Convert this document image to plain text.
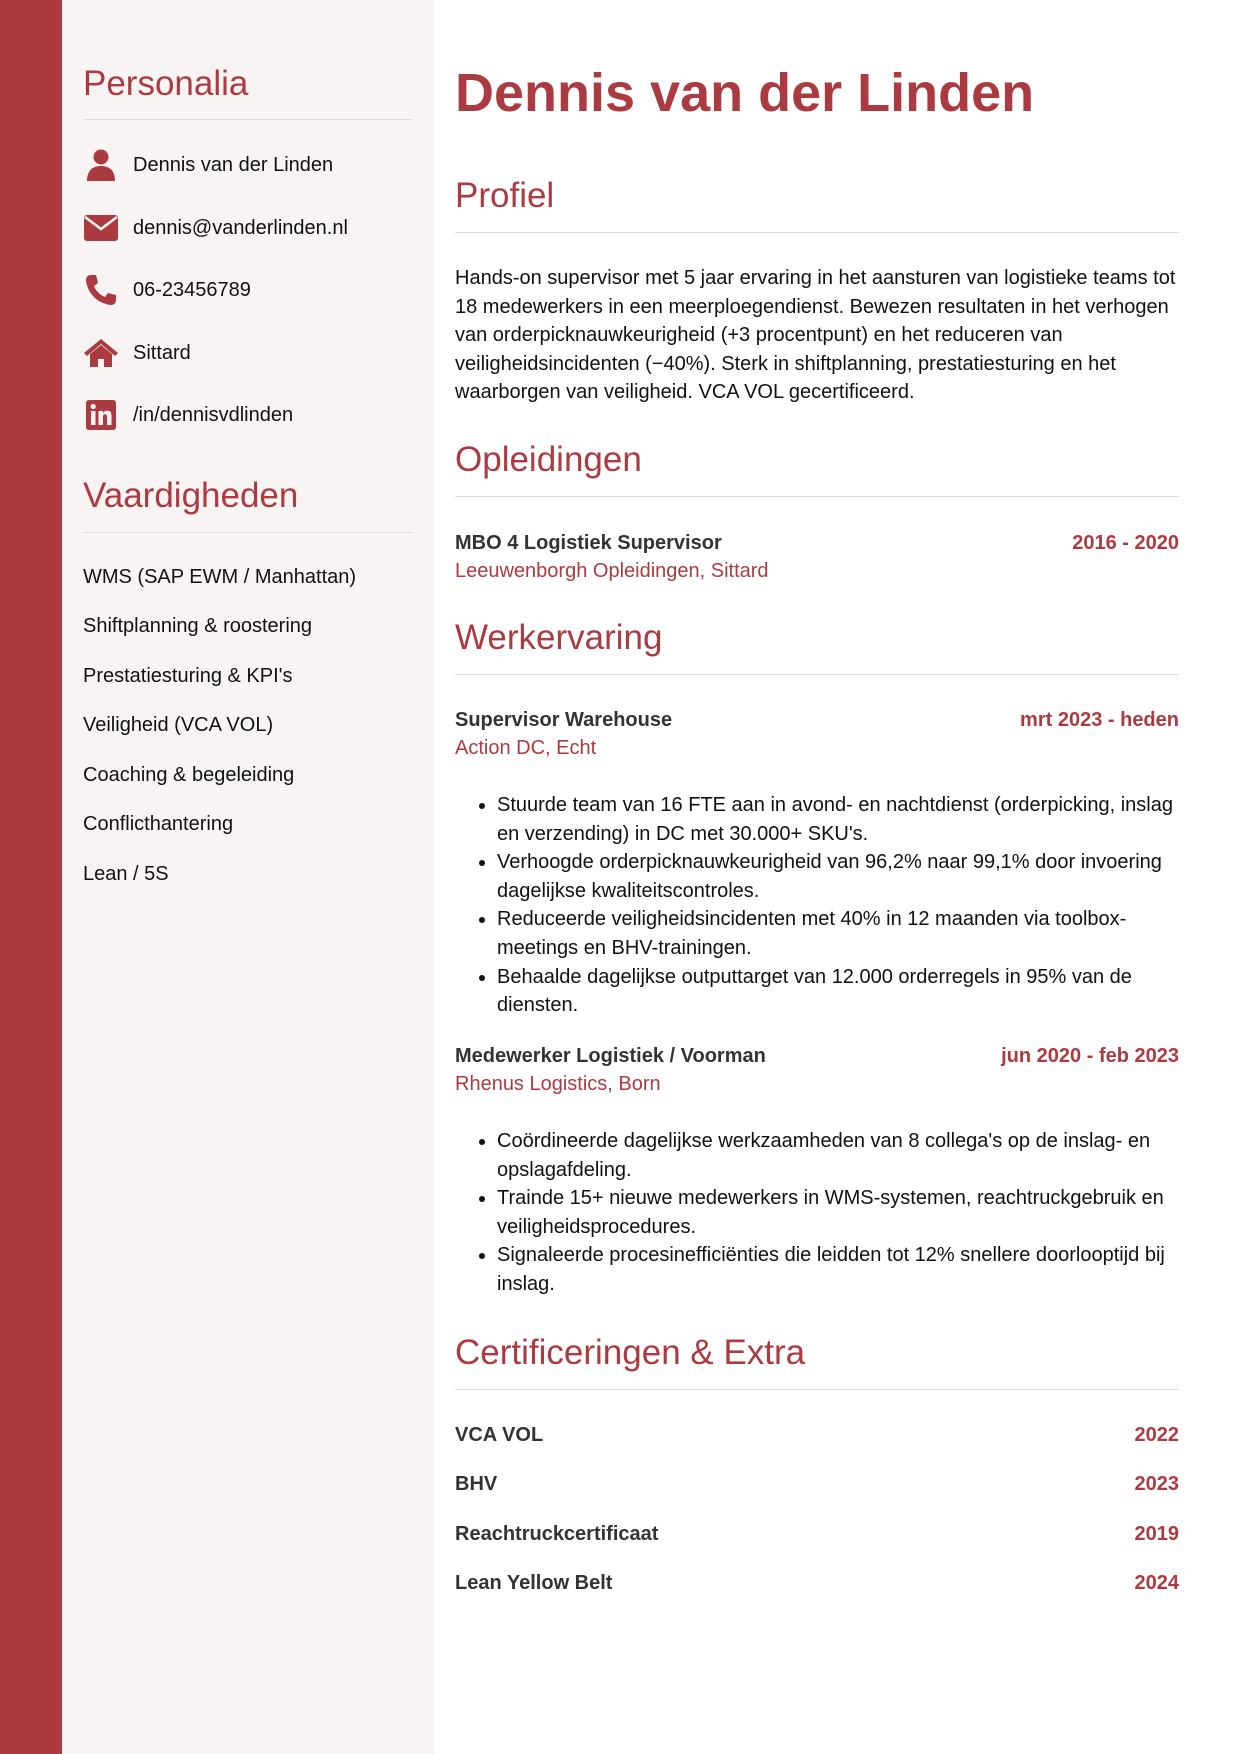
Personalia
Dennis van der Linden
dennis@vanderlinden.nl
06-23456789
Sittard
/in/dennisvdlinden
Vaardigheden
WMS (SAP EWM / Manhattan)
Shiftplanning & roostering
Prestatiesturing & KPI's
Veiligheid (VCA VOL)
Coaching & begeleiding
Conflicthantering
Lean / 5S
Dennis van der Linden
Profiel

Hands-on supervisor met 5 jaar ervaring in het aansturen van logistieke teams tot 18 medewerkers in een meerploegendienst. Bewezen resultaten in het verhogen van orderpicknauwkeurigheid (+3 procentpunt) en het reduceren van veiligheidsincidenten (−40%). Sterk in shiftplanning, prestatiesturing en het waarborgen van veiligheid. VCA VOL gecertificeerd.

Opleidingen
MBO 4 Logistiek Supervisor	2016 - 2020
Leeuwenborgh Opleidingen, Sittard
Werkervaring
Supervisor Warehouse	mrt 2023 - heden
Action DC, Echt
• Stuurde team van 16 FTE aan in avond- en nachtdienst (orderpicking, inslag en verzending) in DC met 30.000+ SKU's.
• Verhoogde orderpicknauwkeurigheid van 96,2% naar 99,1% door invoering dagelijkse kwaliteitscontroles.
• Reduceerde veiligheidsincidenten met 40% in 12 maanden via toolbox-meetings en BHV-trainingen.
• Behaalde dagelijkse outputtarget van 12.000 orderregels in 95% van de diensten.
Medewerker Logistiek / Voorman	jun 2020 - feb 2023
Rhenus Logistics, Born
• Coördineerde dagelijkse werkzaamheden van 8 collega's op de inslag- en opslagafdeling.
• Trainde 15+ nieuwe medewerkers in WMS-systemen, reachtruckgebruik en veiligheidsprocedures.
• Signaleerde procesinefficiënties die leidden tot 12% snellere doorlooptijd bij inslag.
Certificeringen & Extra
VCA VOL	2022
BHV	2023
Reachtruckcertificaat	2019
Lean Yellow Belt	2024
